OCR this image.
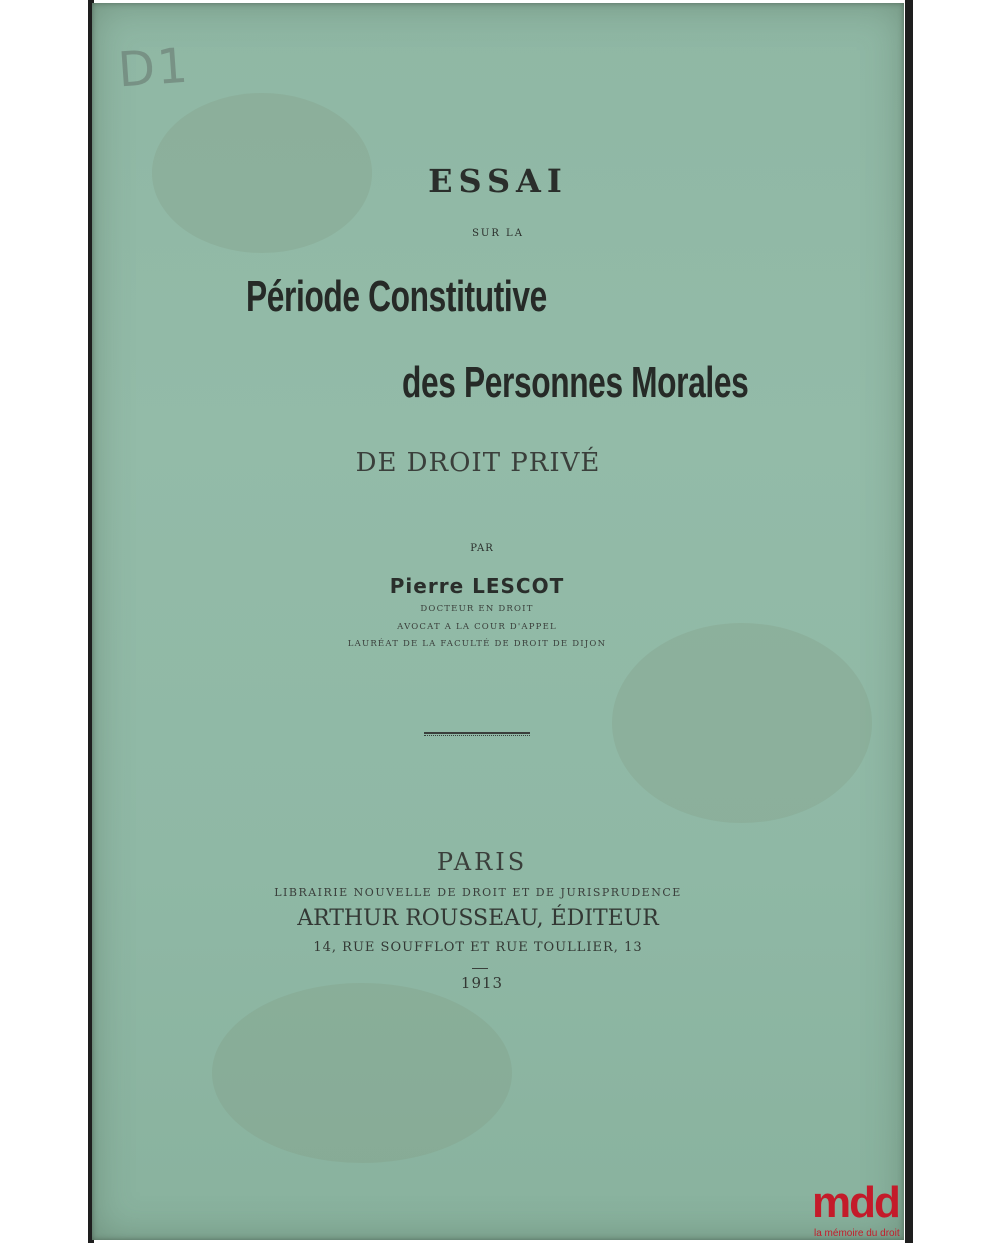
D1
ESSAI
SUR LA
Période Constitutive
des Personnes Morales
DE DROIT PRIVÉ
PAR
Pierre LESCOT
DOCTEUR EN DROIT
AVOCAT A LA COUR D'APPEL
LAURÉAT DE LA FACULTÉ DE DROIT DE DIJON
PARIS
LIBRAIRIE NOUVELLE DE DROIT ET DE JURISPRUDENCE
ARTHUR ROUSSEAU, ÉDITEUR
14, RUE SOUFFLOT ET RUE TOULLIER, 13
1913
mdd
la mémoire du droit
